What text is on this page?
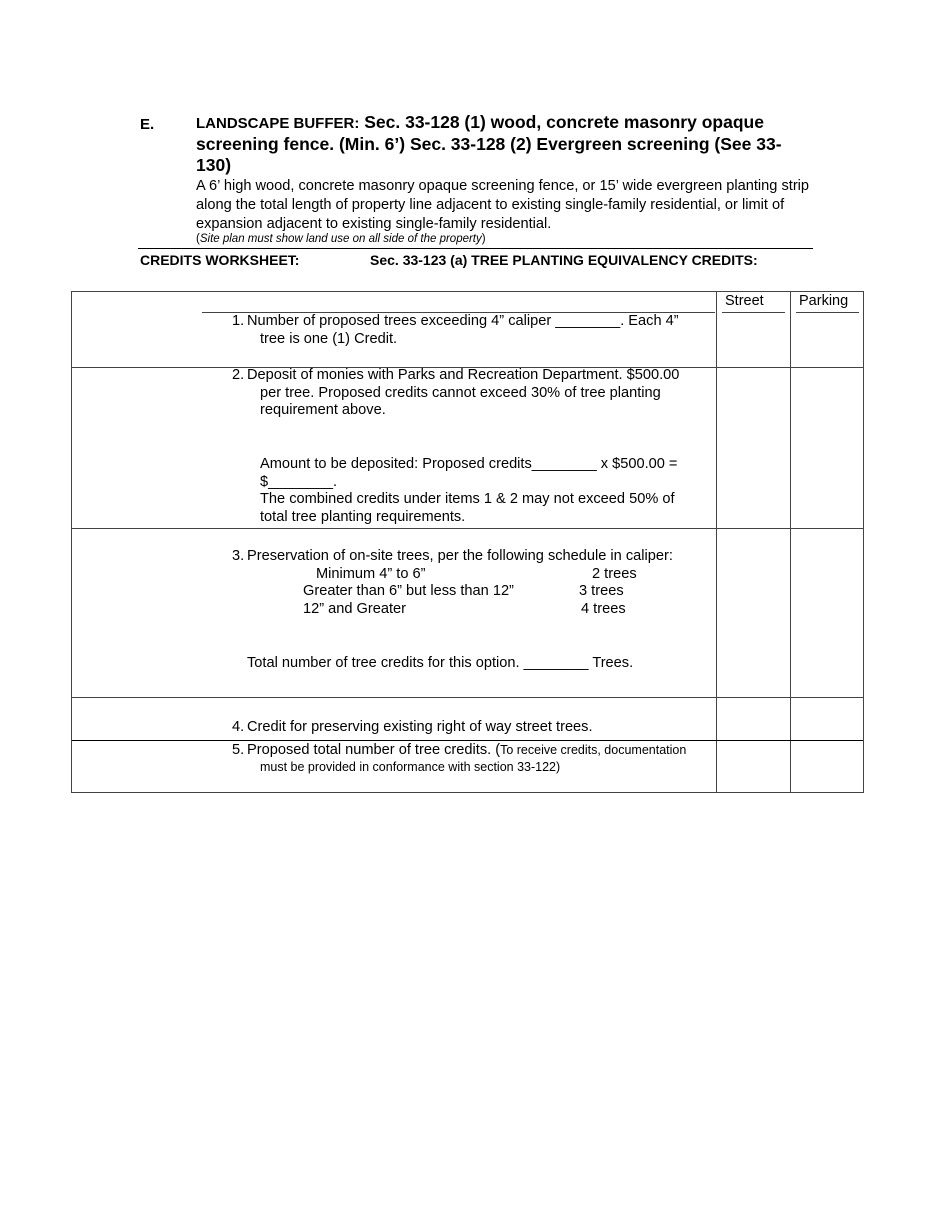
E.	LANDSCAPE BUFFER: Sec. 33-128 (1) wood, concrete masonry opaque screening fence. (Min. 6’) Sec. 33-128 (2) Evergreen screening (See 33-130)
A 6’ high wood, concrete masonry opaque screening fence, or 15’ wide evergreen planting strip along the total length of property line adjacent to existing single-family residential, or limit of expansion adjacent to existing single-family residential.
(Site plan must show land use on all side of the property)
CREDITS WORKSHEET:	Sec. 33-123 (a) TREE PLANTING EQUIVALENCY CREDITS:
Street Parking
1. Number of proposed trees exceeding 4” caliper ________. Each 4”
tree is one (1) Credit.
2. Deposit of monies with Parks and Recreation Department. $500.00
per tree. Proposed credits cannot exceed 30% of tree planting
requirement above.
Amount to be deposited: Proposed credits________ x $500.00 =
$________.
The combined credits under items 1 & 2 may not exceed 50% of
total tree planting requirements.
3. Preservation of on-site trees, per the following schedule in caliper:
Minimum 4” to 6”	2 trees
Greater than 6” but less than 12”	3 trees
12” and Greater	4 trees
Total number of tree credits for this option. ________ Trees.
4. Credit for preserving existing right of way street trees.
5. Proposed total number of tree credits. (To receive credits, documentation
must be provided in conformance with section 33-122)
